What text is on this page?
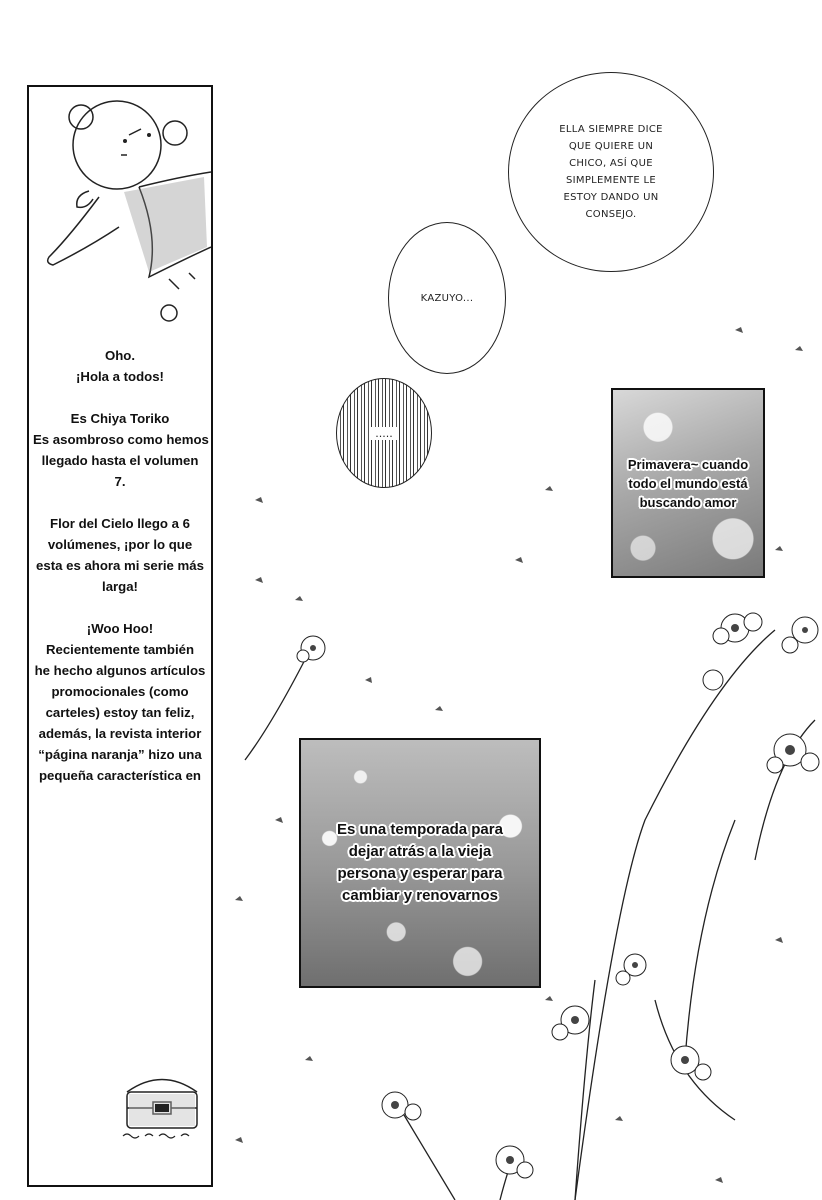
Oho.
¡Hola a todos!

Es Chiya Toriko
Es asombroso como hemos
llegado hasta el volumen
7.

Flor del Cielo llego a 6
volúmenes, ¡por lo que
esta es ahora mi serie más
larga!

¡Woo Hoo!
Recientemente también
he hecho algunos artículos
promocionales (como
carteles) estoy tan feliz,
además, la revista interior
“página naranja” hizo una
pequeña característica en

ELLA SIEMPRE DICE
QUE QUIERE UN
CHICO, ASÍ QUE
SIMPLEMENTE LE
ESTOY DANDO UN
CONSEJO.
KAZUYO...
.....
Primavera~ cuando
todo el mundo está
buscando amor
Es una temporada para
dejar atrás a la vieja
persona y esperar para
cambiar y renovarnos
